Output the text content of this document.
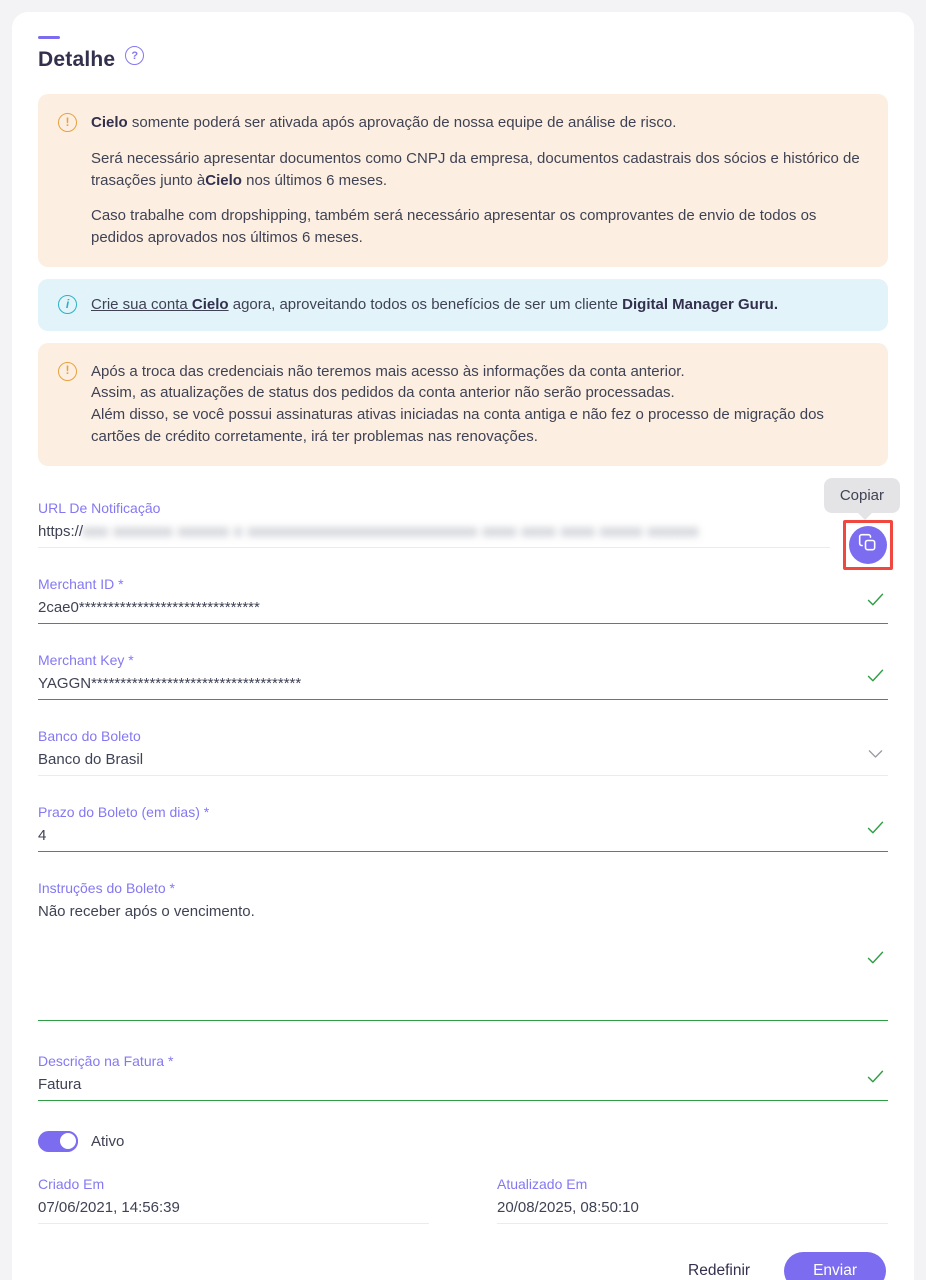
Detalhe	?
!	Cielo somente poderá ser ativada após aprovação de nossa equipe de análise de risco.

Será necessário apresentar documentos como CNPJ da empresa, documentos cadastrais dos sócios e histórico de trasações junto àCielo nos últimos 6 meses.

Caso trabalhe com dropshipping, também será necessário apresentar os comprovantes de envio de todos os pedidos aprovados nos últimos 6 meses.

i	Crie sua conta Cielo agora, aproveitando todos os benefícios de ser um cliente Digital Manager Guru.

!	Após a troca das credenciais não teremos mais acesso às informações da conta anterior.

Assim, as atualizações de status dos pedidos da conta anterior não serão processadas.

Além disso, se você possui assinaturas ativas iniciadas na conta antiga e não fez o processo de migração dos cartões de crédito corretamente, irá ter problemas nas renovações.

URL De Notificação
https://xxx xxxxxxx xxxxxx x xxxxxxxxxxxxxxxxxxxxxxxxxxx xxxx xxxx xxxx xxxxx xxxxxx
Copiar
Merchant ID *
2cae0*******************************
Merchant Key *
YAGGN************************************
Banco do Boleto
Banco do Brasil
Prazo do Boleto (em dias) *
4
Instruções do Boleto *
Não receber após o vencimento.
Descrição na Fatura *
Fatura
Ativo
Criado Em
07/06/2021, 14:56:39
Atualizado Em
20/08/2025, 08:50:10
Redefinir	Enviar
